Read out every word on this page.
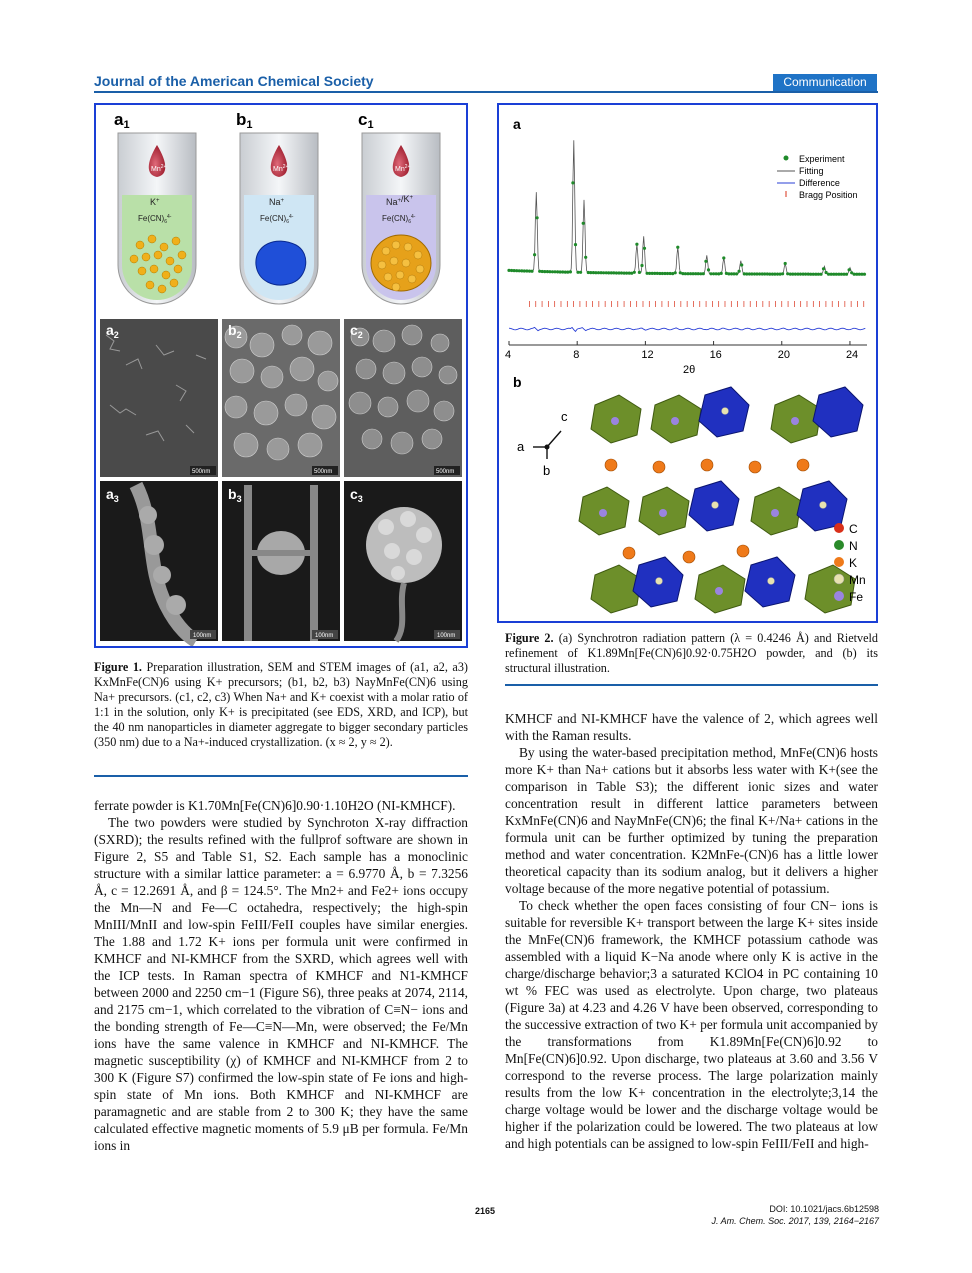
Journal of the American Chemical Society	Communication
a1	b1	c1
$Mn^{2+}$
K+
$Fe(CN)_6^{4-}$
$Mn^{2+}$
Na+
$Fe(CN)_6^{4-}$
$Mn^{2+}$
Na+/K+
$Fe(CN)_6^{4-}$
$a_2$	$b_2$	$c_2$
500nm	500nm	500nm
$a_3$	$b_3$	$c_3$
100nm	100nm	100nm
Figure 1. Preparation illustration, SEM and STEM images of (a1, a2, a3) KxMnFe(CN)6 using K+ precursors; (b1, b2, b3) NayMnFe(CN)6 using Na+ precursors. (c1, c2, c3) When Na+ and K+ coexist with a molar ratio of 1:1 in the solution, only K+ is precipitated (see EDS, XRD, and ICP), but the 40 nm nanoparticles in diameter aggregate to bigger secondary particles (350 nm) due to a Na+-induced crystallization. (x ≈ 2, y ≈ 2).
a
Experiment
Fitting
Difference
Bragg Position
4	8	12	16	20	24
2θ
b
c
a
b
C
N
K
Mn
Fe
Figure 2. (a) Synchrotron radiation pattern (λ = 0.4246 Å) and Rietveld refinement of K1.89Mn[Fe(CN)6]0.92·0.75H2O powder, and (b) its structural illustration.

ferrate powder is K1.70Mn[Fe(CN)6]0.90·1.10H2O (NI-KMHCF).

The two powders were studied by Synchroton X-ray diffraction (SXRD); the results refined with the fullprof software are shown in Figure 2, S5 and Table S1, S2. Each sample has a monoclinic structure with a similar lattice parameter: a = 6.9770 Å, b = 7.3256 Å, c = 12.2691 Å, and β = 124.5°. The Mn2+ and Fe2+ ions occupy the Mn—N and Fe—C octahedra, respectively; the high-spin MnIII/MnII and low-spin FeIII/FeII couples have similar energies. The 1.88 and 1.72 K+ ions per formula unit were confirmed in KMHCF and NI-KMHCF from the SXRD, which agrees well with the ICP tests. In Raman spectra of KMHCF and N1-KMHCF between 2000 and 2250 cm−1 (Figure S6), three peaks at 2074, 2114, and 2175 cm−1, which correlated to the vibration of C≡N− ions and the bonding strength of Fe—C≡N—Mn, were observed; the Fe/Mn ions have the same valence in KMHCF and NI-KMHCF. The magnetic susceptibility (χ) of KMHCF and NI-KMHCF from 2 to 300 K (Figure S7) confirmed the low-spin state of Fe ions and high-spin state of Mn ions. Both KMHCF and NI-KMHCF are paramagnetic and are stable from 2 to 300 K; they have the same calculated effective magnetic moments of 5.9 μB per formula. Fe/Mn ions in

KMHCF and NI-KMHCF have the valence of 2, which agrees well with the Raman results.

By using the water-based precipitation method, MnFe(CN)6 hosts more K+ than Na+ cations but it absorbs less water with K+(see the comparison in Table S3); the different ionic sizes and water concentration result in different lattice parameters between KxMnFe(CN)6 and NayMnFe(CN)6; the final K+/Na+ cations in the formula unit can be further optimized by tuning the preparation method and water concentration. K2MnFe-(CN)6 has a little lower theoretical capacity than its sodium analog, but it delivers a higher voltage because of the more negative potential of potassium.

To check whether the open faces consisting of four CN− ions is suitable for reversible K+ transport between the large K+ sites inside the MnFe(CN)6 framework, the KMHCF potassium cathode was assembled with a liquid K−Na anode where only K is active in the charge/discharge behavior;3 a saturated KClO4 in PC containing 10 wt % FEC was used as electrolyte. Upon charge, two plateaus (Figure 3a) at 4.23 and 4.26 V have been observed, corresponding to the successive extraction of two K+ per formula unit accompanied by the transformations from K1.89Mn[Fe(CN)6]0.92 to Mn[Fe(CN)6]0.92. Upon discharge, two plateaus at 3.60 and 3.56 V correspond to the reverse process. The large polarization mainly results from the low K+ concentration in the electrolyte;3,14 the charge voltage would be lower and the discharge voltage would be higher if the polarization could be lowered. The two plateaus at low and high potentials can be assigned to low-spin FeIII/FeII and high-

2165	DOI: 10.1021/jacs.6b12598
J. Am. Chem. Soc. 2017, 139, 2164−2167
